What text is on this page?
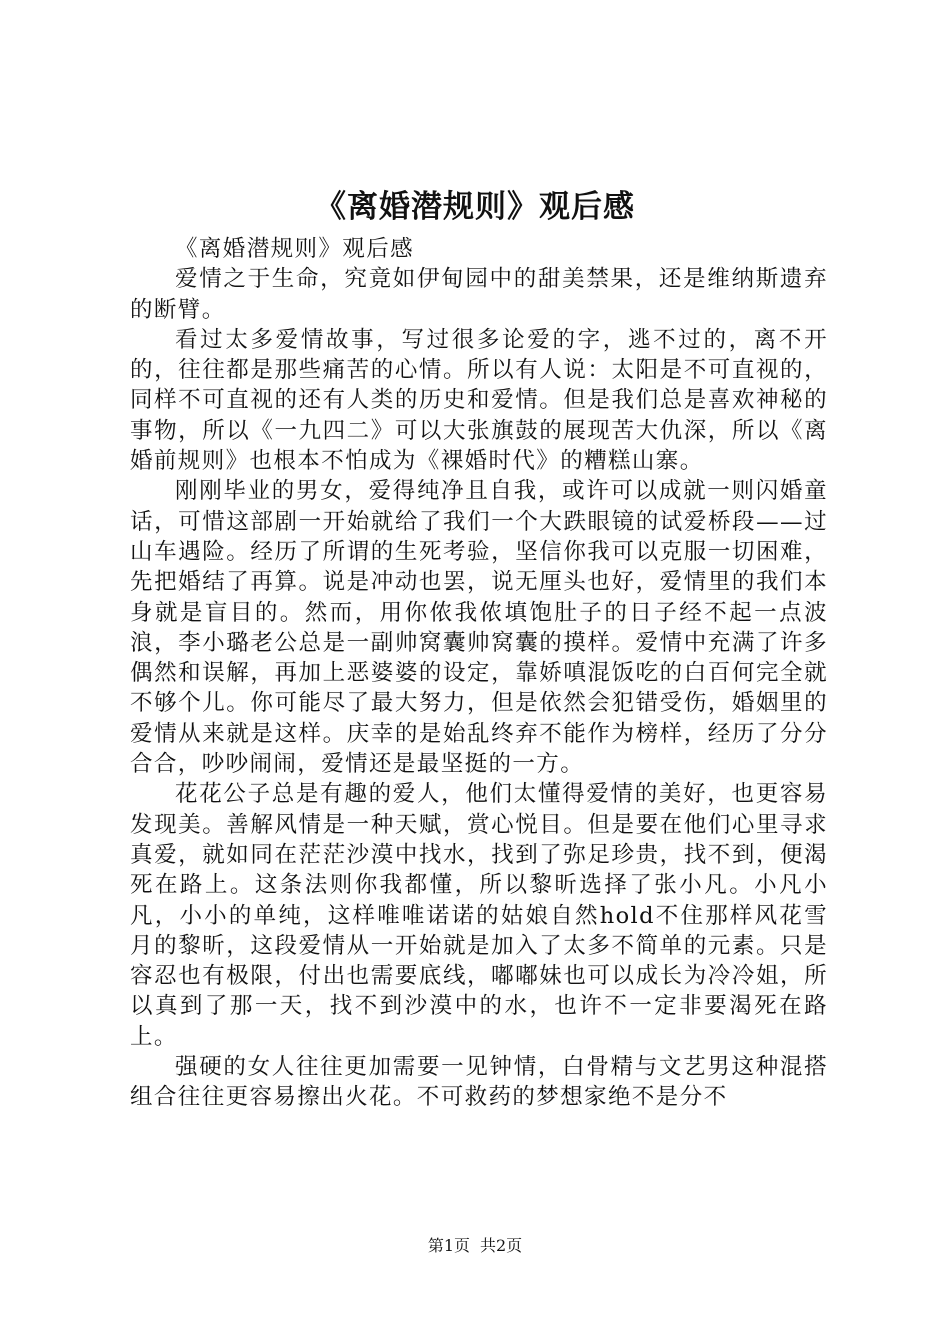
《离婚潜规则》观后感

《离婚潜规则》观后感

爱情之于生命，究竟如伊甸园中的甜美禁果，还是维纳斯遗弃的断臂。

看过太多爱情故事，写过很多论爱的字，逃不过的，离不开的，往往都是那些痛苦的心情。所以有人说：太阳是不可直视的，同样不可直视的还有人类的历史和爱情。但是我们总是喜欢神秘的事物，所以《一九四二》可以大张旗鼓的展现苦大仇深，所以《离婚前规则》也根本不怕成为《裸婚时代》的糟糕山寨。

刚刚毕业的男女，爱得纯净且自我，或许可以成就一则闪婚童话，可惜这部剧一开始就给了我们一个大跌眼镜的试爱桥段——过山车遇险。经历了所谓的生死考验，坚信你我可以克服一切困难，先把婚结了再算。说是冲动也罢，说无厘头也好，爱情里的我们本身就是盲目的。然而，用你侬我侬填饱肚子的日子经不起一点波浪，李小璐老公总是一副帅窝囊帅窝囊的摸样。爱情中充满了许多偶然和误解，再加上恶婆婆的设定，靠娇嗔混饭吃的白百何完全就不够个儿。你可能尽了最大努力，但是依然会犯错受伤，婚姻里的爱情从来就是这样。庆幸的是始乱终弃不能作为榜样，经历了分分合合，吵吵闹闹，爱情还是最坚挺的一方。

花花公子总是有趣的爱人，他们太懂得爱情的美好，也更容易发现美。善解风情是一种天赋，赏心悦目。但是要在他们心里寻求真爱，就如同在茫茫沙漠中找水，找到了弥足珍贵，找不到，便渴死在路上。这条法则你我都懂，所以黎昕选择了张小凡。小凡小凡，小小的单纯，这样唯唯诺诺的姑娘自然hold不住那样风花雪月的黎昕，这段爱情从一开始就是加入了太多不简单的元素。只是容忍也有极限，付出也需要底线，嘟嘟妹也可以成长为冷冷姐，所以真到了那一天，找不到沙漠中的水，也许不一定非要渴死在路上。

强硬的女人往往更加需要一见钟情，白骨精与文艺男这种混搭组合往往更容易擦出火花。不可救药的梦想家绝不是分不

第1页 共2页
